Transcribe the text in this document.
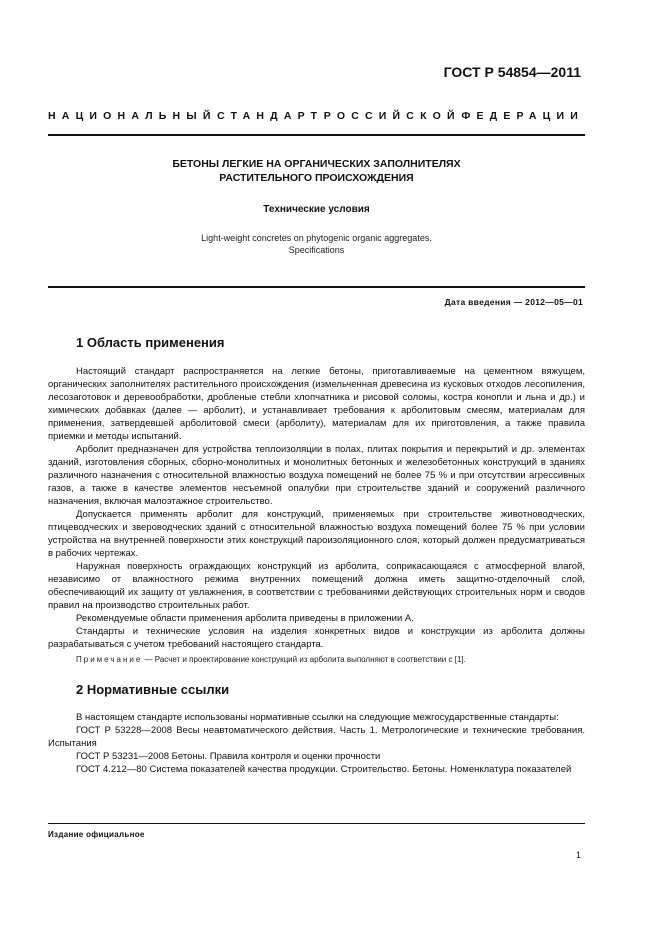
ГОСТ Р 54854—2011
НАЦИОНАЛЬНЫЙ СТАНДАРТ РОССИЙСКОЙ ФЕДЕРАЦИИ
БЕТОНЫ ЛЕГКИЕ НА ОРГАНИЧЕСКИХ ЗАПОЛНИТЕЛЯХ
РАСТИТЕЛЬНОГО ПРОИСХОЖДЕНИЯ
Технические условия
Light-weight concretes on phytogenic organic aggregates.
Specifications
Дата введения — 2012—05—01
1 Область применения

Настоящий стандарт распространяется на легкие бетоны, приготавливаемые на цементном вяжущем, органических заполнителях растительного происхождения (измельченная древесина из кусковых отходов лесопиления, лесозаготовок и деревообработки, дробленые стебли хлопчатника и рисовой соломы, костра конопли и льна и др.) и химических добавках (далее — арболит), и устанавливает требования к арболитовым смесям, материалам для применения, затвердевшей арболитовой смеси (арболиту), материалам для их приготовления, а также правила приемки и методы испытаний.

Арболит предназначен для устройства теплоизоляции в полах, плитах покрытия и перекрытий и др. элементах зданий, изготовления сборных, сборно-монолитных и монолитных бетонных и железобетонных конструкций в зданиях различного назначения с относительной влажностью воздуха помещений не более 75 % и при отсутствии агрессивных газов, а также в качестве элементов несъемной опалубки при строительстве зданий и сооружений различного назначения, включая малоэтажное строительство.

Допускается применять арболит для конструкций, применяемых при строительстве животноводческих, птицеводческих и звероводческих зданий с относительной влажностью воздуха помещений более 75 % при условии устройства на внутренней поверхности этих конструкций пароизоляционного слоя, который должен предусматриваться в рабочих чертежах.

Наружная поверхность ограждающих конструкций из арболита, соприкасающаяся с атмосферной влагой, независимо от влажностного режима внутренних помещений должна иметь защитно-отделочный слой, обеспечивающий их защиту от увлажнения, в соответствии с требованиями действующих строительных норм и сводов правил на производство строительных работ.

Рекомендуемые области применения арболита приведены в приложении А.

Стандарты и технические условия на изделия конкретных видов и конструкции из арболита должны разрабатываться с учетом требований настоящего стандарта.

Примечание — Расчет и проектирование конструкций из арболита выполняют в соответствии с [1].
2 Нормативные ссылки

В настоящем стандарте использованы нормативные ссылки на следующие межгосударственные стандарты:

ГОСТ Р 53228—2008 Весы неавтоматического действия. Часть 1. Метрологические и технические требования. Испытания

ГОСТ Р 53231—2008 Бетоны. Правила контроля и оценки прочности

ГОСТ 4.212—80 Система показателей качества продукции. Строительство. Бетоны. Номенклатура показателей

Издание официальное
1
